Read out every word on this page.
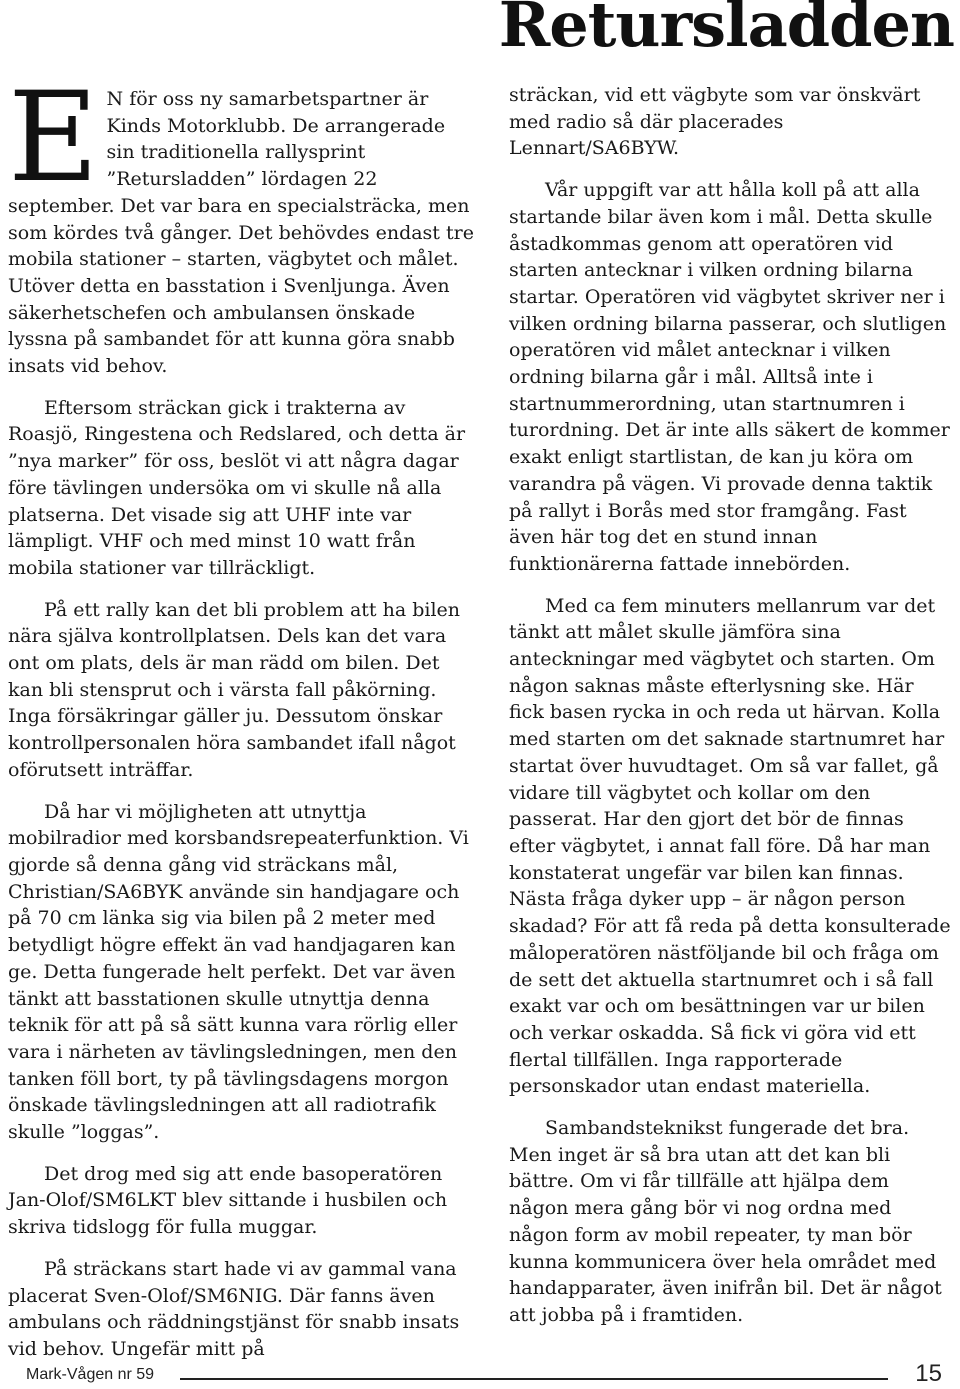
Retursladden

E N för oss ny samarbetspartner är Kinds Motorklubb. De arrangerade sin traditionella rallysprint ”Retursladden” lördagen 22 september. Det var bara en specialsträcka, men som kördes två gånger. Det behövdes endast tre mobila stationer – starten, vägbytet och målet. Utöver detta en basstation i Svenljunga. Även säkerhetschefen och ambulansen önskade lyssna på sambandet för att kunna göra snabb insats vid behov.

Eftersom sträckan gick i trakterna av Roasjö, Ringestena och Redslared, och detta är ”nya marker” för oss, beslöt vi att några dagar före tävlingen undersöka om vi skulle nå alla platserna. Det visade sig att UHF inte var lämpligt. VHF och med minst 10 watt från mobila stationer var tillräckligt.

På ett rally kan det bli problem att ha bilen nära själva kontrollplatsen. Dels kan det vara ont om plats, dels är man rädd om bilen. Det kan bli stensprut och i värsta fall påkörning. Inga försäkringar gäller ju. Dessutom önskar kontrollpersonalen höra sambandet ifall något oförutsett inträffar.

Då har vi möjligheten att utnyttja mobilradior med korsbandsrepeaterfunktion. Vi gjorde så denna gång vid sträckans mål, Christian/SA6BYK använde sin handjagare och på 70 cm länka sig via bilen på 2 meter med betydligt högre effekt än vad handjagaren kan ge. Detta fungerade helt perfekt. Det var även tänkt att basstationen skulle utnyttja denna teknik för att på så sätt kunna vara rörlig eller vara i närheten av tävlingsledningen, men den tanken föll bort, ty på tävlingsdagens morgon önskade tävlingsledningen att all radiotrafik skulle ”loggas”.

Det drog med sig att ende basoperatören Jan-Olof/SM6LKT blev sittande i husbilen och skriva tidslogg för fulla muggar.

På sträckans start hade vi av gammal vana placerat Sven-Olof/SM6NIG. Där fanns även ambulans och räddningstjänst för snabb insats vid behov. Ungefär mitt på

sträckan, vid ett vägbyte som var önskvärt med radio så där placerades Lennart/SA6BYW.

Vår uppgift var att hålla koll på att alla startande bilar även kom i mål. Detta skulle åstadkommas genom att operatören vid starten antecknar i vilken ordning bilarna startar. Operatören vid vägbytet skriver ner i vilken ordning bilarna passerar, och slutligen operatören vid målet antecknar i vilken ordning bilarna går i mål. Alltså inte i startnummerordning, utan startnumren i turordning. Det är inte alls säkert de kommer exakt enligt startlistan, de kan ju köra om varandra på vägen. Vi provade denna taktik på rallyt i Borås med stor framgång. Fast även här tog det en stund innan funktionärerna fattade innebörden.

Med ca fem minuters mellanrum var det tänkt att målet skulle jämföra sina anteckningar med vägbytet och starten. Om någon saknas måste efterlysning ske. Här fick basen rycka in och reda ut härvan. Kolla med starten om det saknade startnumret har startat över huvudtaget. Om så var fallet, gå vidare till vägbytet och kollar om den passerat. Har den gjort det bör de finnas efter vägbytet, i annat fall före. Då har man konstaterat ungefär var bilen kan finnas. Nästa fråga dyker upp – är någon person skadad? För att få reda på detta konsulterade måloperatören nästföljande bil och fråga om de sett det aktuella startnumret och i så fall exakt var och om besättningen var ur bilen och verkar oskadda. Så fick vi göra vid ett flertal tillfällen. Inga rapporterade personskador utan endast materiella.

Sambandsteknikst fungerade det bra. Men inget är så bra utan att det kan bli bättre. Om vi får tillfälle att hjälpa dem någon mera gång bör vi nog ordna med någon form av mobil repeater, ty man bör kunna kommunicera över hela området med handapparater, även inifrån bil. Det är något att jobba på i framtiden.

Mark-Vågen nr 59	15
